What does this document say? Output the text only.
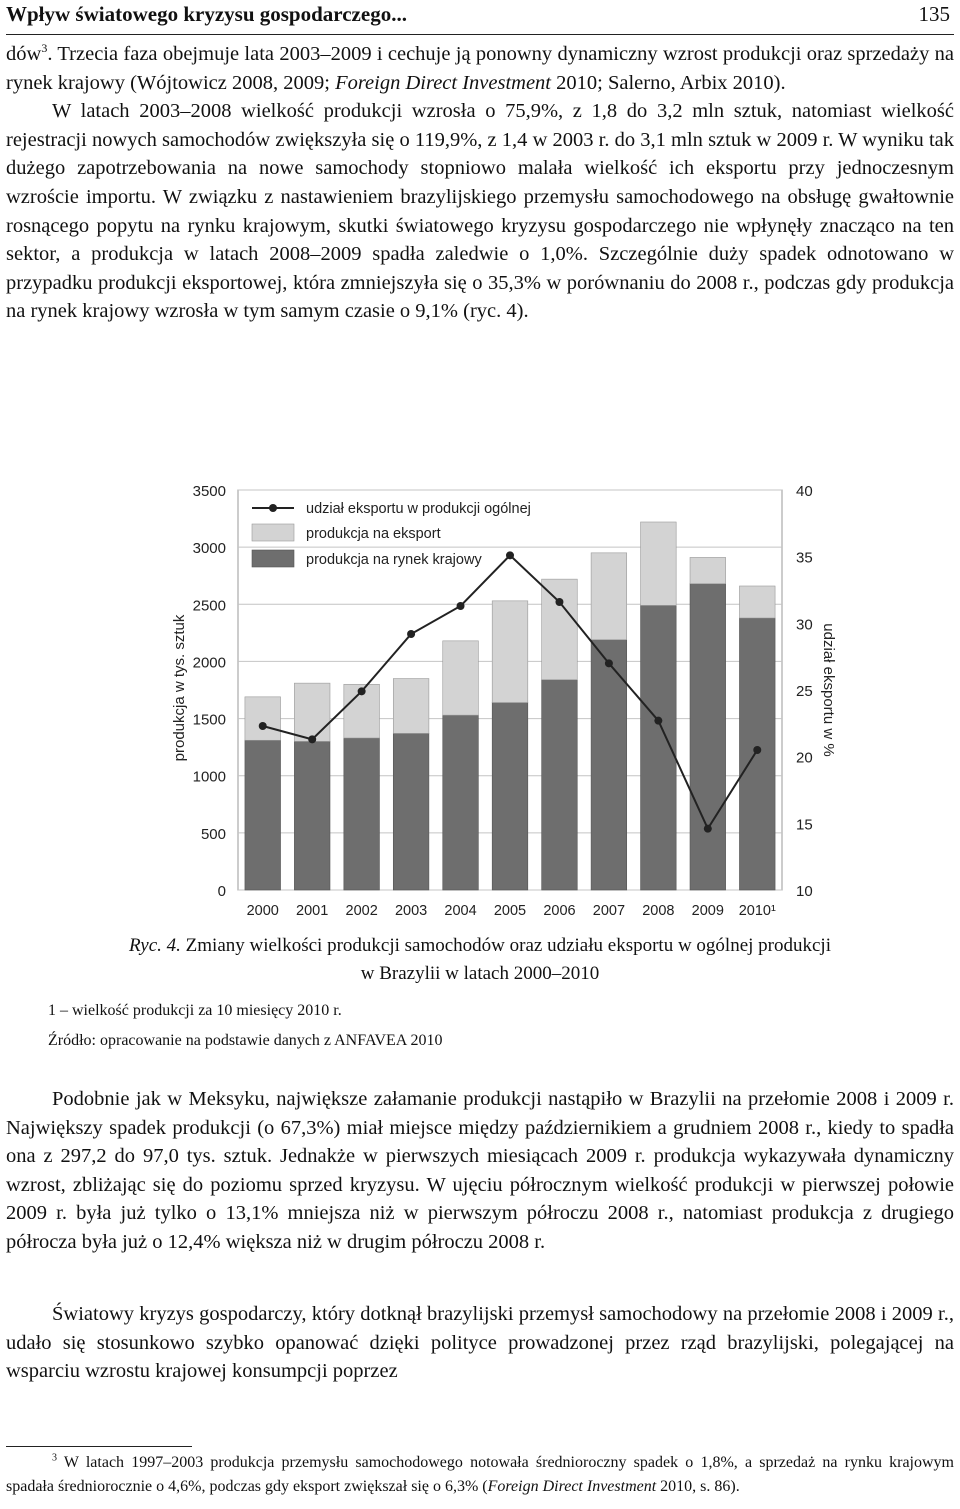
Wpływ światowego kryzysu gospodarczego...	135

dów$^3$. Trzecia faza obejmuje lata 2003–2009 i cechuje ją ponowny dynamiczny wzrost produkcji oraz sprzedaży na rynek krajowy (Wójtowicz 2008, 2009; Foreign Direct Investment 2010; Salerno, Arbix 2010).
W latach 2003–2008 wielkość produkcji wzrosła o 75,9%, z 1,8 do 3,2 mln sztuk, natomiast wielkość rejestracji nowych samochodów zwiększyła się o 119,9%, z 1,4 w 2003 r. do 3,1 mln sztuk w 2009 r. W wyniku tak dużego zapotrzebowania na nowe samochody stopniowo malała wielkość ich eksportu przy jednoczesnym wzroście importu. W związku z nastawieniem brazylijskiego przemysłu samochodowego na obsługę gwałtownie rosnącego popytu na rynku krajowym, skutki światowego kryzysu gospodarczego nie wpłynęły znacząco na ten sektor, a produkcja w latach 2008–2009 spadła zaledwie o 1,0%. Szczególnie duży spadek odnotowano w przypadku produkcji eksportowej, która zmniejszyła się o 35,3% w porównaniu do 2008 r., podczas gdy produkcja na rynek krajowy wzrosła w tym samym czasie o 9,1% (ryc. 4).

0
500
1000
1500
2000
2500
3000
3500
10
15
20
25
30
35
40
2000 2001 2002 2003 2004 2005 2006 2007 2008 2009 2010¹
udział eksportu w produkcji ogólnej
produkcja na eksport
produkcja na rynek krajowy
produkcja w tys. sztuk	udział eksportu w %
Ryc. 4. Zmiany wielkości produkcji samochodów oraz udziału eksportu w ogólnej produkcji
w Brazylii w latach 2000–2010
1 – wielkość produkcji za 10 miesięcy 2010 r.
Źródło: opracowanie na podstawie danych z ANFAVEA 2010

Podobnie jak w Meksyku, największe załamanie produkcji nastąpiło w Brazylii na przełomie 2008 i 2009 r. Największy spadek produkcji (o 67,3%) miał miejsce między październikiem a grudniem 2008 r., kiedy to spadła ona z 297,2 do 97,0 tys. sztuk. Jednakże w pierwszych miesiącach 2009 r. produkcja wykazywała dynamiczny wzrost, zbliżając się do poziomu sprzed kryzysu. W ujęciu półrocznym wielkość produkcji w pierwszej połowie 2009 r. była już tylko o 13,1% mniejsza niż w pierwszym półroczu 2008 r., natomiast produkcja z drugiego półrocza była już o 12,4% większa niż w drugim półroczu 2008 r.

Światowy kryzys gospodarczy, który dotknął brazylijski przemysł samochodowy na przełomie 2008 i 2009 r., udało się stosunkowo szybko opanować dzięki polityce prowadzonej przez rząd brazylijski, polegającej na wsparciu wzrostu krajowej konsumpcji poprzez

$^3$ W latach 1997–2003 produkcja przemysłu samochodowego notowała średnioroczny spadek o 1,8%, a sprzedaż na rynku krajowym spadała średniorocznie o 4,6%, podczas gdy eksport zwiększał się o 6,3% (Foreign Direct Investment 2010, s. 86).
